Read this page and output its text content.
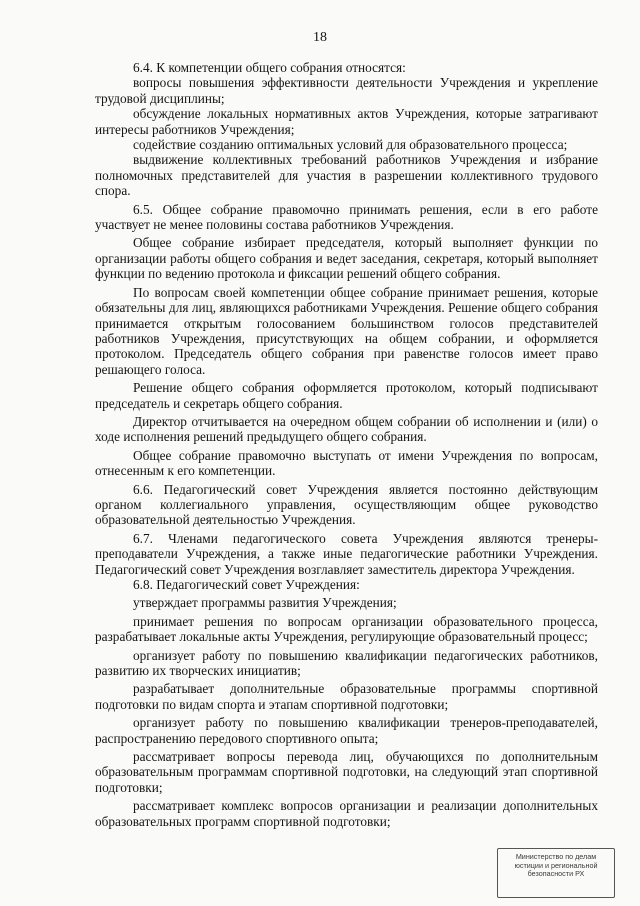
18

6.4. К компетенции общего собрания относятся:

вопросы повышения эффективности деятельности Учреждения и укрепление трудовой дисциплины;

обсуждение локальных нормативных актов Учреждения, которые затрагивают интересы работников Учреждения;

содействие созданию оптимальных условий для образовательного процесса;

выдвижение коллективных требований работников Учреждения и избрание полномочных представителей для участия в разрешении коллективного трудового спора.

6.5. Общее собрание правомочно принимать решения, если в его работе участвует не менее половины состава работников Учреждения.

Общее собрание избирает председателя, который выполняет функции по организации работы общего собрания и ведет заседания, секретаря, который выполняет функции по ведению протокола и фиксации решений общего собрания.

По вопросам своей компетенции общее собрание принимает решения, которые обязательны для лиц, являющихся работниками Учреждения. Решение общего собрания принимается открытым голосованием большинством голосов представителей работников Учреждения, присутствующих на общем собрании, и оформляется протоколом. Председатель общего собрания при равенстве голосов имеет право решающего голоса.

Решение общего собрания оформляется протоколом, который подписывают председатель и секретарь общего собрания.

Директор отчитывается на очередном общем собрании об исполнении и (или) о ходе исполнения решений предыдущего общего собрания.

Общее собрание правомочно выступать от имени Учреждения по вопросам, отнесенным к его компетенции.

6.6. Педагогический совет Учреждения является постоянно действующим органом коллегиального управления, осуществляющим общее руководство образовательной деятельностью Учреждения.

6.7. Членами педагогического совета Учреждения являются тренеры-преподаватели Учреждения, а также иные педагогические работники Учреждения. Педагогический совет Учреждения возглавляет заместитель директора Учреждения.

6.8. Педагогический совет Учреждения:

утверждает программы развития Учреждения;

принимает решения по вопросам организации образовательного процесса, разрабатывает локальные акты Учреждения, регулирующие образовательный процесс;

организует работу по повышению квалификации педагогических работников, развитию их творческих инициатив;

разрабатывает дополнительные образовательные программы спортивной подготовки по видам спорта и этапам спортивной подготовки;

организует работу по повышению квалификации тренеров-преподавателей, распространению передового спортивного опыта;

рассматривает вопросы перевода лиц, обучающихся по дополнительным образовательным программам спортивной подготовки, на следующий этап спортивной подготовки;

рассматривает комплекс вопросов организации и реализации дополнительных образовательных программ спортивной подготовки;

Министерство по делам
юстиции и региональной
безопасности РХ
